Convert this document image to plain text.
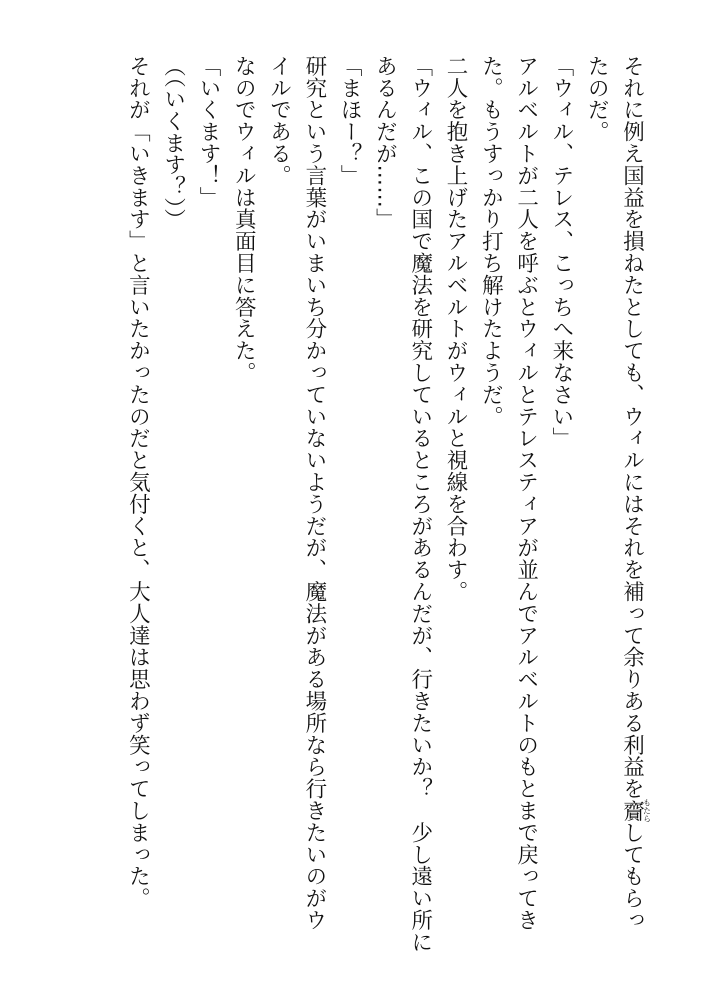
それに例え国益を損ねたとしても、ウィルにはそれを補って余りある利益を齎もたらしてもらっ
たのだ。
「ウィル、テレス、こっちへ来なさい」
アルベルトが二人を呼ぶとウィルとテレスティアが並んでアルベルトのもとまで戻ってき
た。もうすっかり打ち解けたようだ。
二人を抱き上げたアルベルトがウィルと視線を合わす。
「ウィル、この国で魔法を研究しているところがあるんだが、行きたいか？　少し遠い所に
あるんだが……」
「まほー？」
研究という言葉がいまいち分かっていないようだが、魔法がある場所なら行きたいのがウ
イルである。
なのでウィルは真面目に答えた。
「いくます！」
（（いくます？））
それが「いきます」と言いたかったのだと気付くと、大人達は思わず笑ってしまった。
